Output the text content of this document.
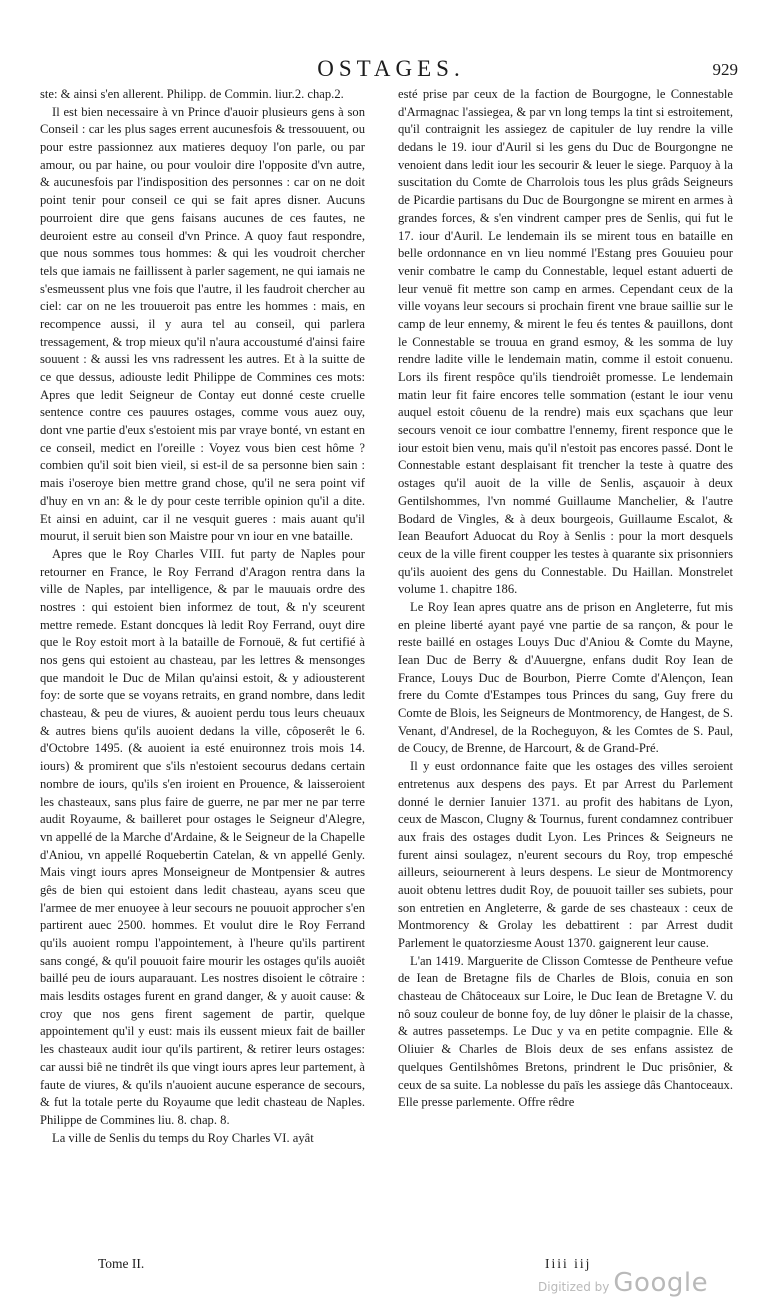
OSTAGES.	929

ste: & ainsi s'en allerent. Philipp. de Commin. liur.2. chap.2.

Il est bien necessaire à vn Prince d'auoir plusieurs gens à son Conseil : car les plus sages errent aucunesfois & tressouuent, ou pour estre passionnez aux matieres dequoy l'on parle, ou par amour, ou par haine, ou pour vouloir dire l'opposite d'vn autre, & aucunesfois par l'indisposition des personnes : car on ne doit point tenir pour conseil ce qui se fait apres disner. Aucuns pourroient dire que gens faisans aucunes de ces fautes, ne deuroient estre au conseil d'vn Prince. A quoy faut respondre, que nous sommes tous hommes: & qui les voudroit chercher tels que iamais ne faillissent à parler sagement, ne qui iamais ne s'esmeussent plus vne fois que l'autre, il les faudroit chercher au ciel: car on ne les trouueroit pas entre les hommes : mais, en recompence aussi, il y aura tel au conseil, qui parlera tressagement, & trop mieux qu'il n'aura accoustumé d'ainsi faire souuent : & aussi les vns radressent les autres. Et à la suitte de ce que dessus, adiouste ledit Philippe de Commines ces mots: Apres que ledit Seigneur de Contay eut donné ceste cruelle sentence contre ces pauures ostages, comme vous auez ouy, dont vne partie d'eux s'estoient mis par vraye bonté, vn estant en ce conseil, medict en l'oreille : Voyez vous bien cest hôme ? combien qu'il soit bien vieil, si est-il de sa personne bien sain : mais i'oseroye bien mettre grand chose, qu'il ne sera point vif d'huy en vn an: & le dy pour ceste terrible opinion qu'il a dite. Et ainsi en aduint, car il ne vesquit gueres : mais auant qu'il mourut, il seruit bien son Maistre pour vn iour en vne bataille.

Apres que le Roy Charles VIII. fut party de Naples pour retourner en France, le Roy Ferrand d'Aragon rentra dans la ville de Naples, par intelligence, & par le mauuais ordre des nostres : qui estoient bien informez de tout, & n'y sceurent mettre remede. Estant doncques là ledit Roy Ferrand, ouyt dire que le Roy estoit mort à la bataille de Fornouë, & fut certifié à nos gens qui estoient au chasteau, par les lettres & mensonges que mandoit le Duc de Milan qu'ainsi estoit, & y adiousterent foy: de sorte que se voyans retraits, en grand nombre, dans ledit chasteau, & peu de viures, & auoient perdu tous leurs cheuaux & autres biens qu'ils auoient dedans la ville, côposerêt le 6. d'Octobre 1495. (& auoient ia esté enuironnez trois mois 14. iours) & promirent que s'ils n'estoient secourus dedans certain nombre de iours, qu'ils s'en iroient en Prouence, & laisseroient les chasteaux, sans plus faire de guerre, ne par mer ne par terre audit Royaume, & bailleret pour ostages le Seigneur d'Alegre, vn appellé de la Marche d'Ardaine, & le Seigneur de la Chapelle d'Aniou, vn appellé Roquebertin Catelan, & vn appellé Genly. Mais vingt iours apres Monseigneur de Montpensier & autres gês de bien qui estoient dans ledit chasteau, ayans sceu que l'armee de mer enuoyee à leur secours ne pouuoit approcher s'en partirent auec 2500. hommes. Et voulut dire le Roy Ferrand qu'ils auoient rompu l'appointement, à l'heure qu'ils partirent sans congé, & qu'il pouuoit faire mourir les ostages qu'ils auoiêt baillé peu de iours auparauant. Les nostres disoient le côtraire : mais lesdits ostages furent en grand danger, & y auoit cause: & croy que nos gens firent sagement de partir, quelque appointement qu'il y eust: mais ils eussent mieux fait de bailler les chasteaux audit iour qu'ils partirent, & retirer leurs ostages: car aussi biê ne tindrêt ils que vingt iours apres leur partement, à faute de viures, & qu'ils n'auoient aucune esperance de secours, & fut la totale perte du Royaume que ledit chasteau de Naples. Philippe de Commines liu. 8. chap. 8.

La ville de Senlis du temps du Roy Charles VI. ayât

esté prise par ceux de la faction de Bourgogne, le Connestable d'Armagnac l'assiegea, & par vn long temps la tint si estroitement, qu'il contraignit les assiegez de capituler de luy rendre la ville dedans le 19. iour d'Auril si les gens du Duc de Bourgongne ne venoient dans ledit iour les secourir & leuer le siege. Parquoy à la suscitation du Comte de Charrolois tous les plus grâds Seigneurs de Picardie partisans du Duc de Bourgongne se mirent en armes à grandes forces, & s'en vindrent camper pres de Senlis, qui fut le 17. iour d'Auril. Le lendemain ils se mirent tous en bataille en belle ordonnance en vn lieu nommé l'Estang pres Gouuieu pour venir combatre le camp du Connestable, lequel estant aduerti de leur venuë fit mettre son camp en armes. Cependant ceux de la ville voyans leur secours si prochain firent vne braue saillie sur le camp de leur ennemy, & mirent le feu és tentes & pauillons, dont le Connestable se trouua en grand esmoy, & les somma de luy rendre ladite ville le lendemain matin, comme il estoit conuenu. Lors ils firent respôce qu'ils tiendroiêt promesse. Le lendemain matin leur fit faire encores telle sommation (estant le iour venu auquel estoit côuenu de la rendre) mais eux sçachans que leur secours venoit ce iour combattre l'ennemy, firent responce que le iour estoit bien venu, mais qu'il n'estoit pas encores passé. Dont le Connestable estant desplaisant fit trencher la teste à quatre des ostages qu'il auoit de la ville de Senlis, asçauoir à deux Gentilshommes, l'vn nommé Guillaume Manchelier, & l'autre Bodard de Vingles, & à deux bourgeois, Guillaume Escalot, & Iean Beaufort Aduocat du Roy à Senlis : pour la mort desquels ceux de la ville firent coupper les testes à quarante six prisonniers qu'ils auoient des gens du Connestable. Du Haillan. Monstrelet volume 1. chapitre 186.

Le Roy Iean apres quatre ans de prison en Angleterre, fut mis en pleine liberté ayant payé vne partie de sa rançon, & pour le reste baillé en ostages Louys Duc d'Aniou & Comte du Mayne, Iean Duc de Berry & d'Auuergne, enfans dudit Roy Iean de France, Louys Duc de Bourbon, Pierre Comte d'Alençon, Iean frere du Comte d'Estampes tous Princes du sang, Guy frere du Comte de Blois, les Seigneurs de Montmorency, de Hangest, de S. Venant, d'Andresel, de la Rocheguyon, & les Comtes de S. Paul, de Coucy, de Brenne, de Harcourt, & de Grand-Pré.

Il y eust ordonnance faite que les ostages des villes seroient entretenus aux despens des pays. Et par Arrest du Parlement donné le dernier Ianuier 1371. au profit des habitans de Lyon, ceux de Mascon, Clugny & Tournus, furent condamnez contribuer aux frais des ostages dudit Lyon. Les Princes & Seigneurs ne furent ainsi soulagez, n'eurent secours du Roy, trop empesché ailleurs, seiournerent à leurs despens. Le sieur de Montmorency auoit obtenu lettres dudit Roy, de pouuoit tailler ses subiets, pour son entretien en Angleterre, & garde de ses chasteaux : ceux de Montmorency & Grolay les debattirent : par Arrest dudit Parlement le quatorziesme Aoust 1370. gaignerent leur cause.

L'an 1419. Marguerite de Clisson Comtesse de Pentheure vefue de Iean de Bretagne fils de Charles de Blois, conuia en son chasteau de Châtoceaux sur Loire, le Duc Iean de Bretagne V. du nô souz couleur de bonne foy, de luy dôner le plaisir de la chasse, & autres passetemps. Le Duc y va en petite compagnie. Elle & Oliuier & Charles de Blois deux de ses enfans assistez de quelques Gentilshômes Bretons, prindrent le Duc prisônier, & ceux de sa suite. La noblesse du païs les assiege dâs Chantoceaux. Elle presse parlemente. Offre rêdre

Tome II.	Iiii iij
Digitized by Google
